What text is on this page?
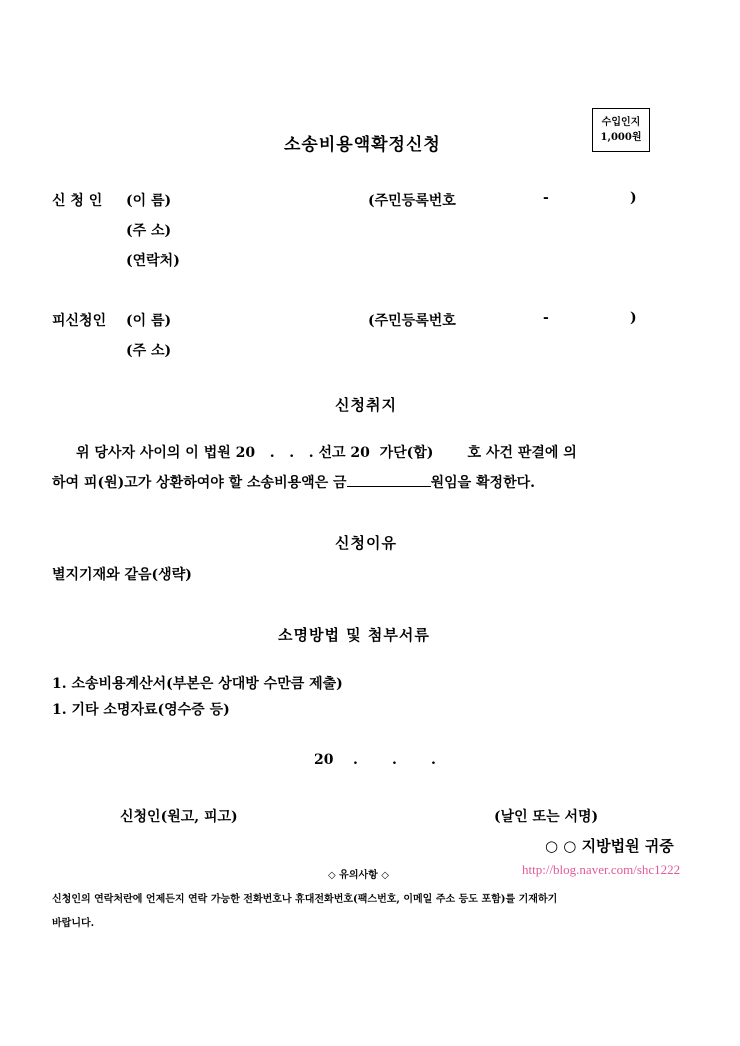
수입인지
1,000원
소송비용액확정신청
신 청 인 (이 름)	(주민등록번호	-	)
(주 소)
(연락처)
피신청인 (이 름)	(주민등록번호	-	)
(주 소)
신청취지
위 당사자 사이의 이 법원 20   .   .   . 선고 20  가단(합)       호 사건 판결에 의
하여 피(원)고가 상환하여야 할 소송비용액은 금	원임을 확정한다.
신청이유
별지기재와 같음(생략)
소명방법 및 첨부서류
1. 소송비용계산서(부본은 상대방 수만큼 제출)
1. 기타 소명자료(영수증 등)
20    .       .       .
신청인(원고, 피고)	(날인 또는 서명)
○ ○ 지방법원 귀중
◇ 유의사항 ◇	http://blog.naver.com/shc1222
신청인의 연락처란에 언제든지 연락 가능한 전화번호나 휴대전화번호(팩스번호, 이메일 주소 등도 포함)를 기재하기
바랍니다.
